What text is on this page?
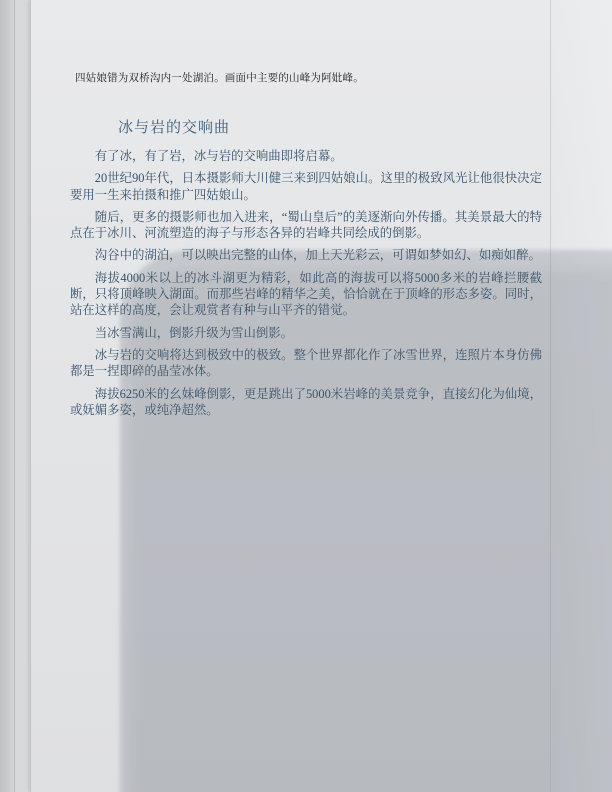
四姑娘错为双桥沟内一处湖泊。画面中主要的山峰为阿妣峰。
冰与岩的交响曲

有了冰，有了岩，冰与岩的交响曲即将启幕。

20世纪90年代，日本摄影师大川健三来到四姑娘山。这里的极致风光让他很快决定要用一生来拍摄和推广四姑娘山。

随后，更多的摄影师也加入进来，“蜀山皇后”的美逐渐向外传播。其美景最大的特点在于冰川、河流塑造的海子与形态各异的岩峰共同绘成的倒影。

沟谷中的湖泊，可以映出完整的山体，加上天光彩云，可谓如梦如幻、如痴如醉。

海拔4000米以上的冰斗湖更为精彩，如此高的海拔可以将5000多米的岩峰拦腰截断，只将顶峰映入湖面。而那些岩峰的精华之美，恰恰就在于顶峰的形态多姿。同时，站在这样的高度，会让观赏者有种与山平齐的错觉。

当冰雪满山，倒影升级为雪山倒影。

冰与岩的交响将达到极致中的极致。整个世界都化作了冰雪世界，连照片本身仿佛都是一捏即碎的晶莹冰体。

海拔6250米的幺妹峰倒影，更是跳出了5000米岩峰的美景竞争，直接幻化为仙境，或妩媚多姿，或纯净超然。
